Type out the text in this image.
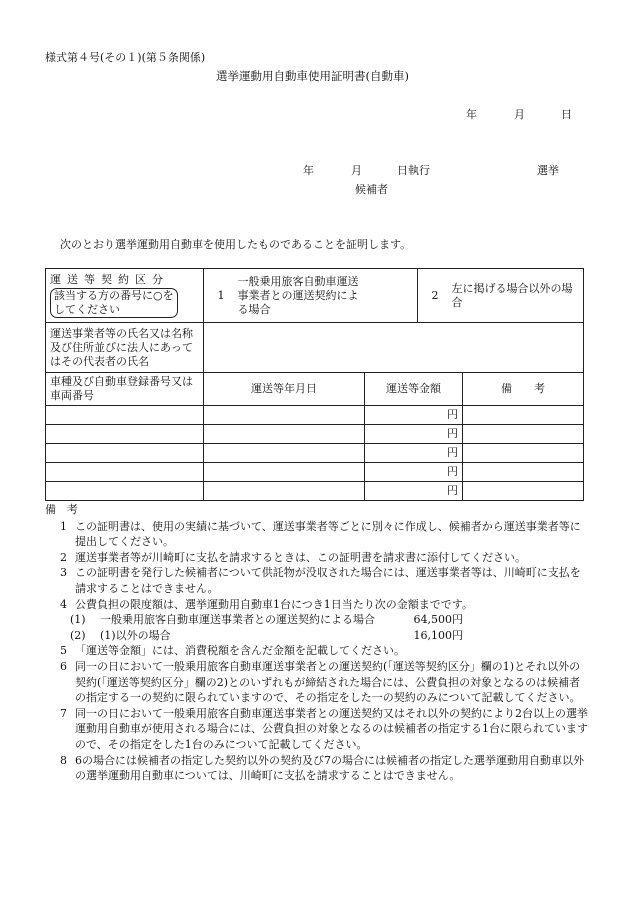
様式第４号(その１)(第５条関係)
選挙運動用自動車使用証明書(自動車)
年	月	日
年	月	日執行	選挙
候補者
次のとおり選挙運動用自動車を使用したものであることを証明します。
運送等契約区分
該当する方の番号に○を
してください	1 一般乗用旅客自動車運送事業者との運送契約による場合		2 左に掲げる場合以外の場合	
運送事業者等の氏名又は名称及び住所並びに法人にあってはその代表者の氏名				
車種及び自動車登録番号又は車両番号	運送等年月日	運送等金額		備　　考
		円		
		円		
		円		
		円		
		円		
備　考
1 この証明書は、使用の実績に基づいて、運送事業者等ごとに別々に作成し、候補者から運送事業者等に提出してください。
2 運送事業者等が川崎町に支払を請求するときは、この証明書を請求書に添付してください。
3 この証明書を発行した候補者について供託物が没収された場合には、運送事業者等は、川崎町に支払を請求することはできません。
4 公費負担の限度額は、選挙運動用自動車1台につき1日当たり次の金額までです。
(1)	一般乗用旅客自動車運送事業者との運送契約による場合	64,500円
(2)	(1)以外の場合	16,100円
5 「運送等金額」には、消費税額を含んだ金額を記載してください。
6 同一の日において一般乗用旅客自動車運送事業者との運送契約(「運送等契約区分」欄の1)とそれ以外の契約(「運送等契約区分」欄の2)とのいずれもが締結された場合には、公費負担の対象となるのは候補者の指定する一の契約に限られていますので、その指定をした一の契約のみについて記載してください。
7 同一の日において一般乗用旅客自動車運送事業者との運送契約又はそれ以外の契約により2台以上の選挙運動用自動車が使用される場合には、公費負担の対象となるのは候補者の指定する1台に限られていますので、その指定をした1台のみについて記載してください。
8 6の場合には候補者の指定した契約以外の契約及び7の場合には候補者の指定した選挙運動用自動車以外の選挙運動用自動車については、川崎町に支払を請求することはできません。
